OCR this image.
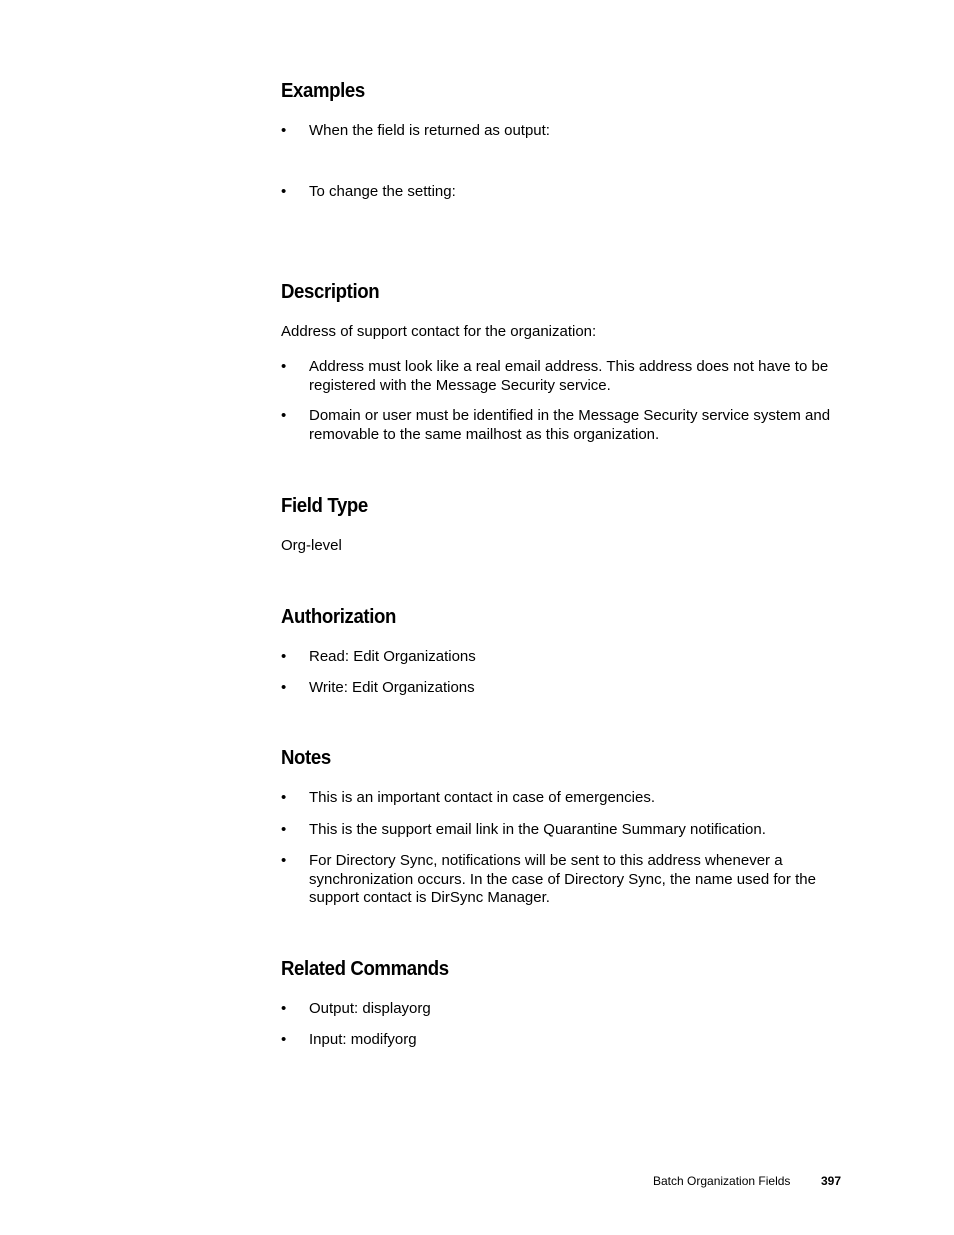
Examples
• When the field is returned as output:
• To change the setting:
Description

Address of support contact for the organization:

• Address must look like a real email address. This address does not have to be registered with the Message Security service.
• Domain or user must be identified in the Message Security service system and removable to the same mailhost as this organization.
Field Type

Org-level

Authorization
• Read: Edit Organizations
• Write: Edit Organizations
Notes
• This is an important contact in case of emergencies.
• This is the support email link in the Quarantine Summary notification.
• For Directory Sync, notifications will be sent to this address whenever a synchronization occurs. In the case of Directory Sync, the name used for the support contact is DirSync Manager.
Related Commands
• Output: displayorg
• Input: modifyorg
Batch Organization Fields	397
